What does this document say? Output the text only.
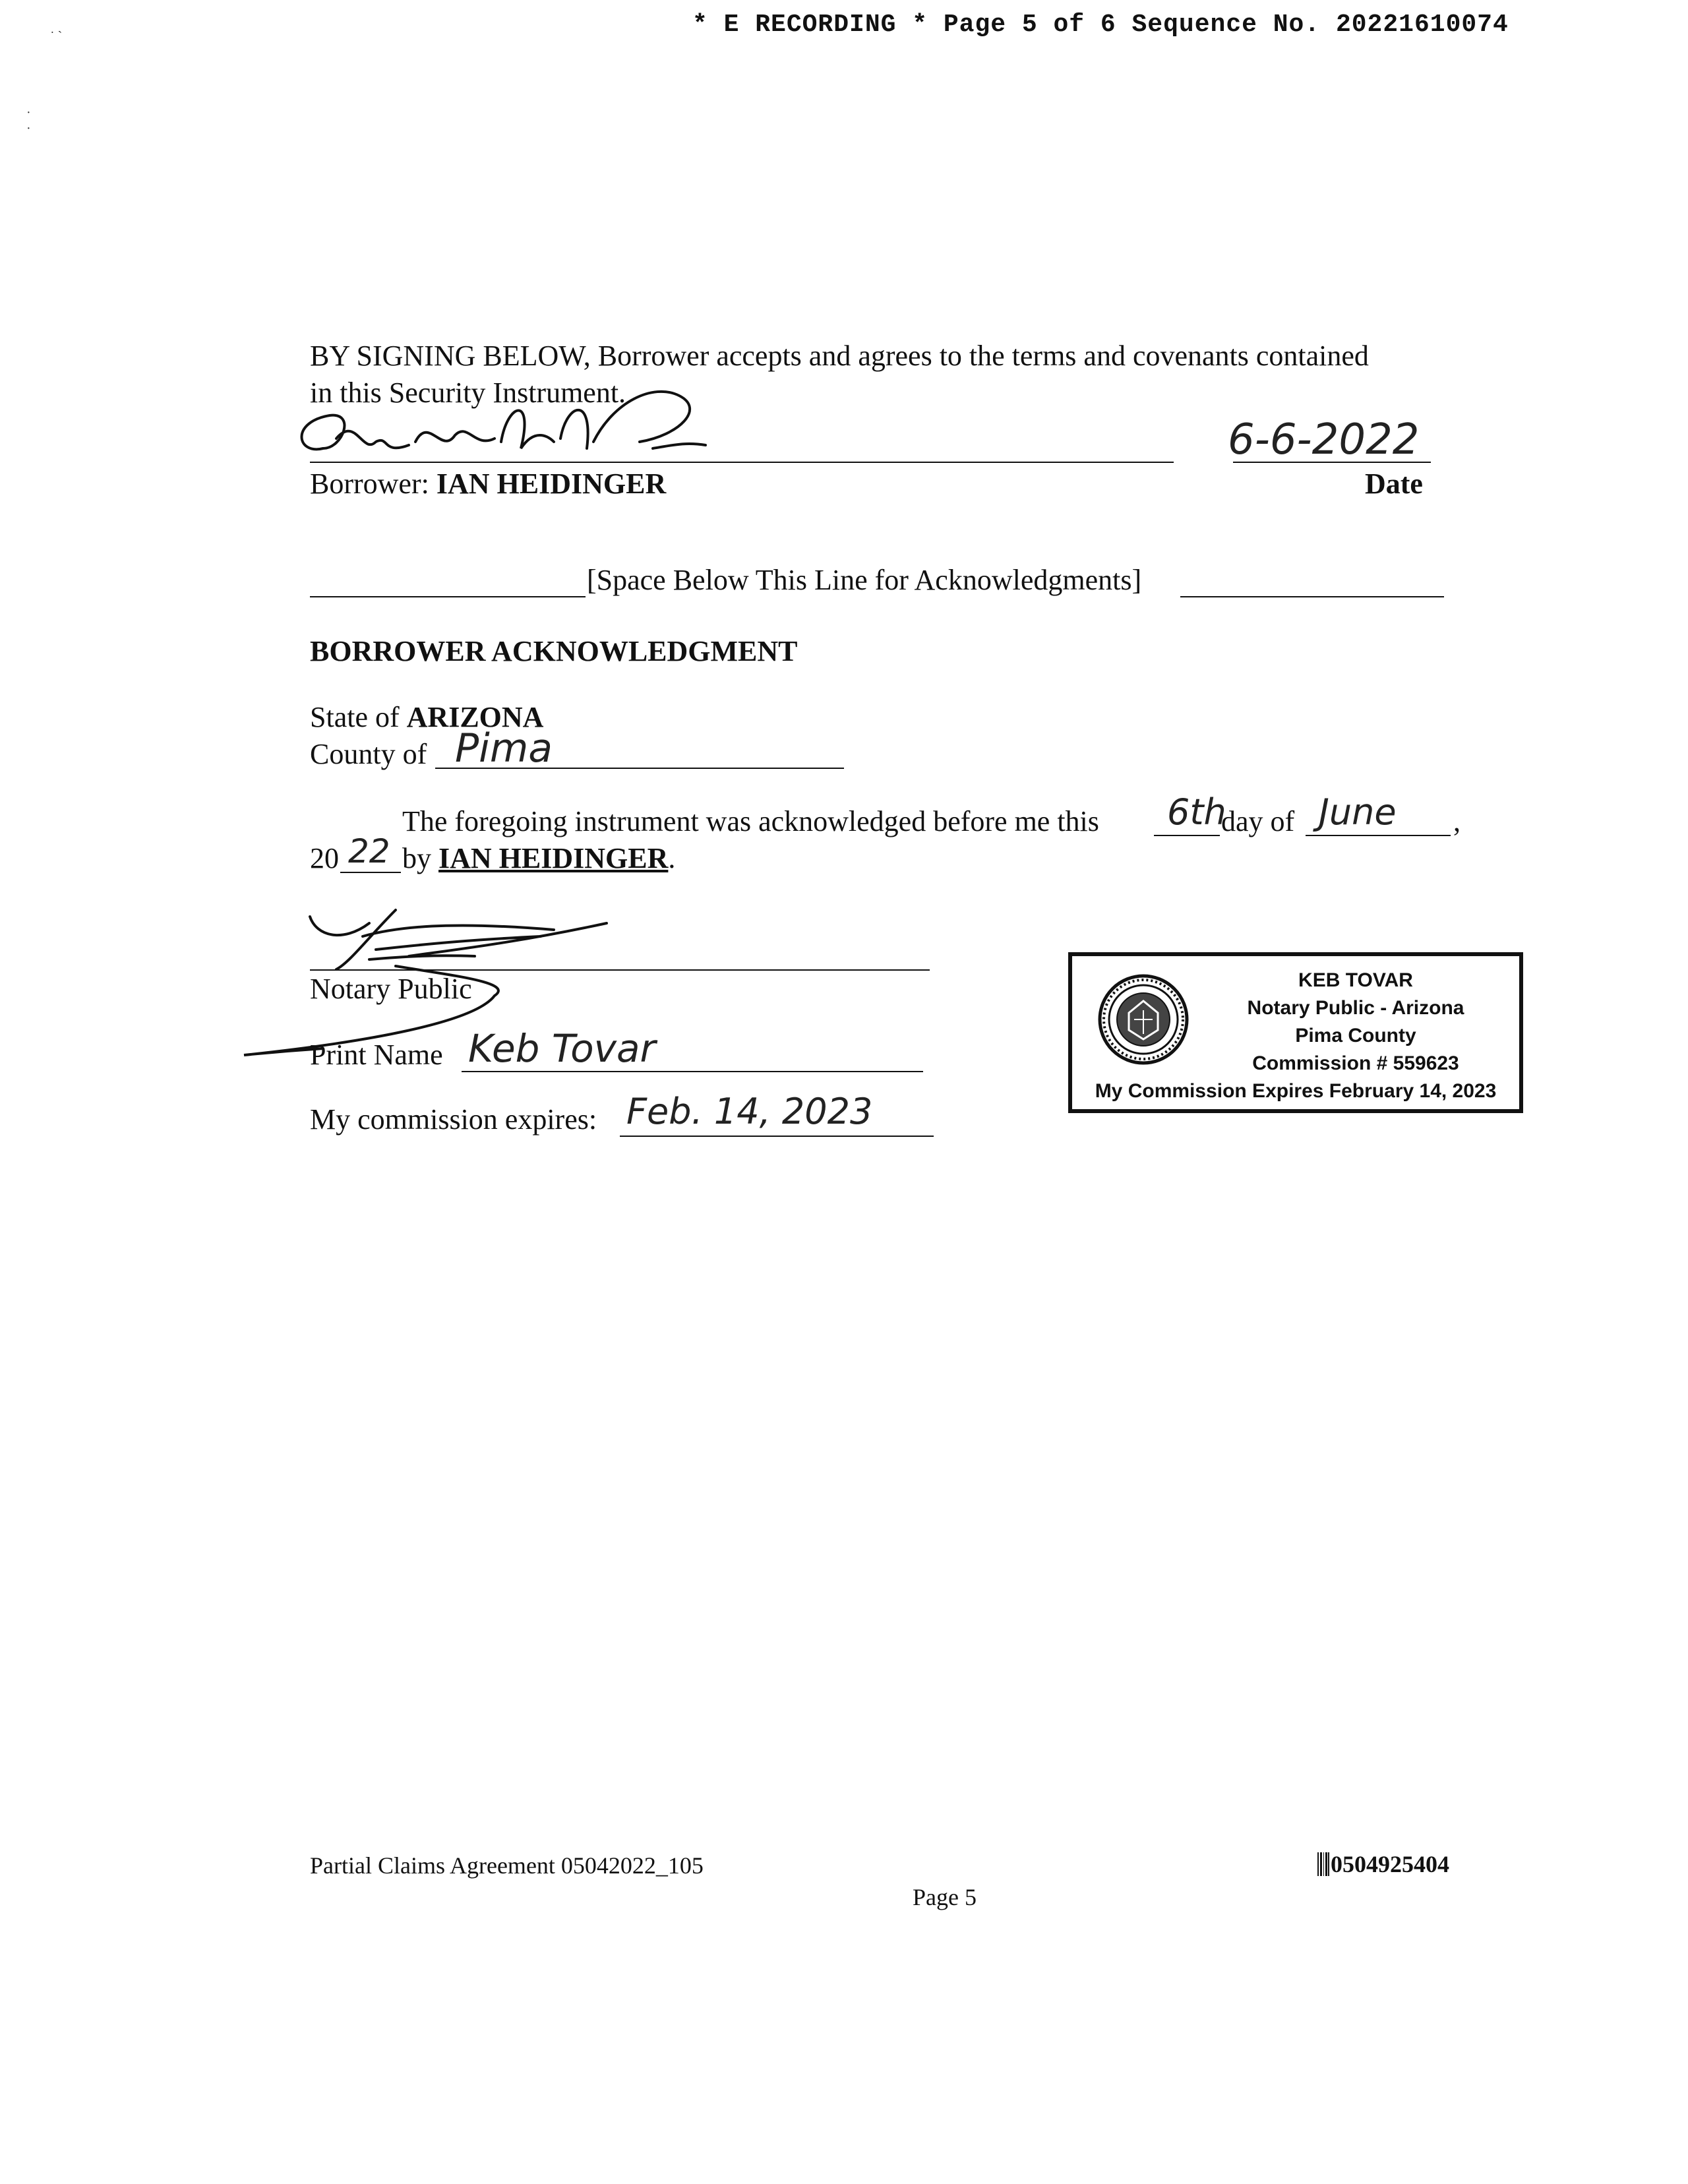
* E RECORDING * Page 5 of 6 Sequence No. 20221610074
˙ ˋ
·
·
BY SIGNING BELOW, Borrower accepts and agrees to the terms and covenants contained
in this Security Instrument.
Borrower: IAN HEIDINGER
6-6-2022
Date
[Space Below This Line for Acknowledgments]
BORROWER ACKNOWLEDGMENT
State of ARIZONA
County of Pima
The foregoing instrument was acknowledged before me this 6th
day of June ,
20 22 by IAN HEIDINGER.
Notary Public
Print Name Keb Tovar
My commission expires: Feb. 14, 2023
KEB TOVAR
Notary Public - Arizona
Pima County
Commission # 559623
My Commission Expires February 14, 2023
Partial Claims Agreement 05042022_105
Page 5
0504925404
